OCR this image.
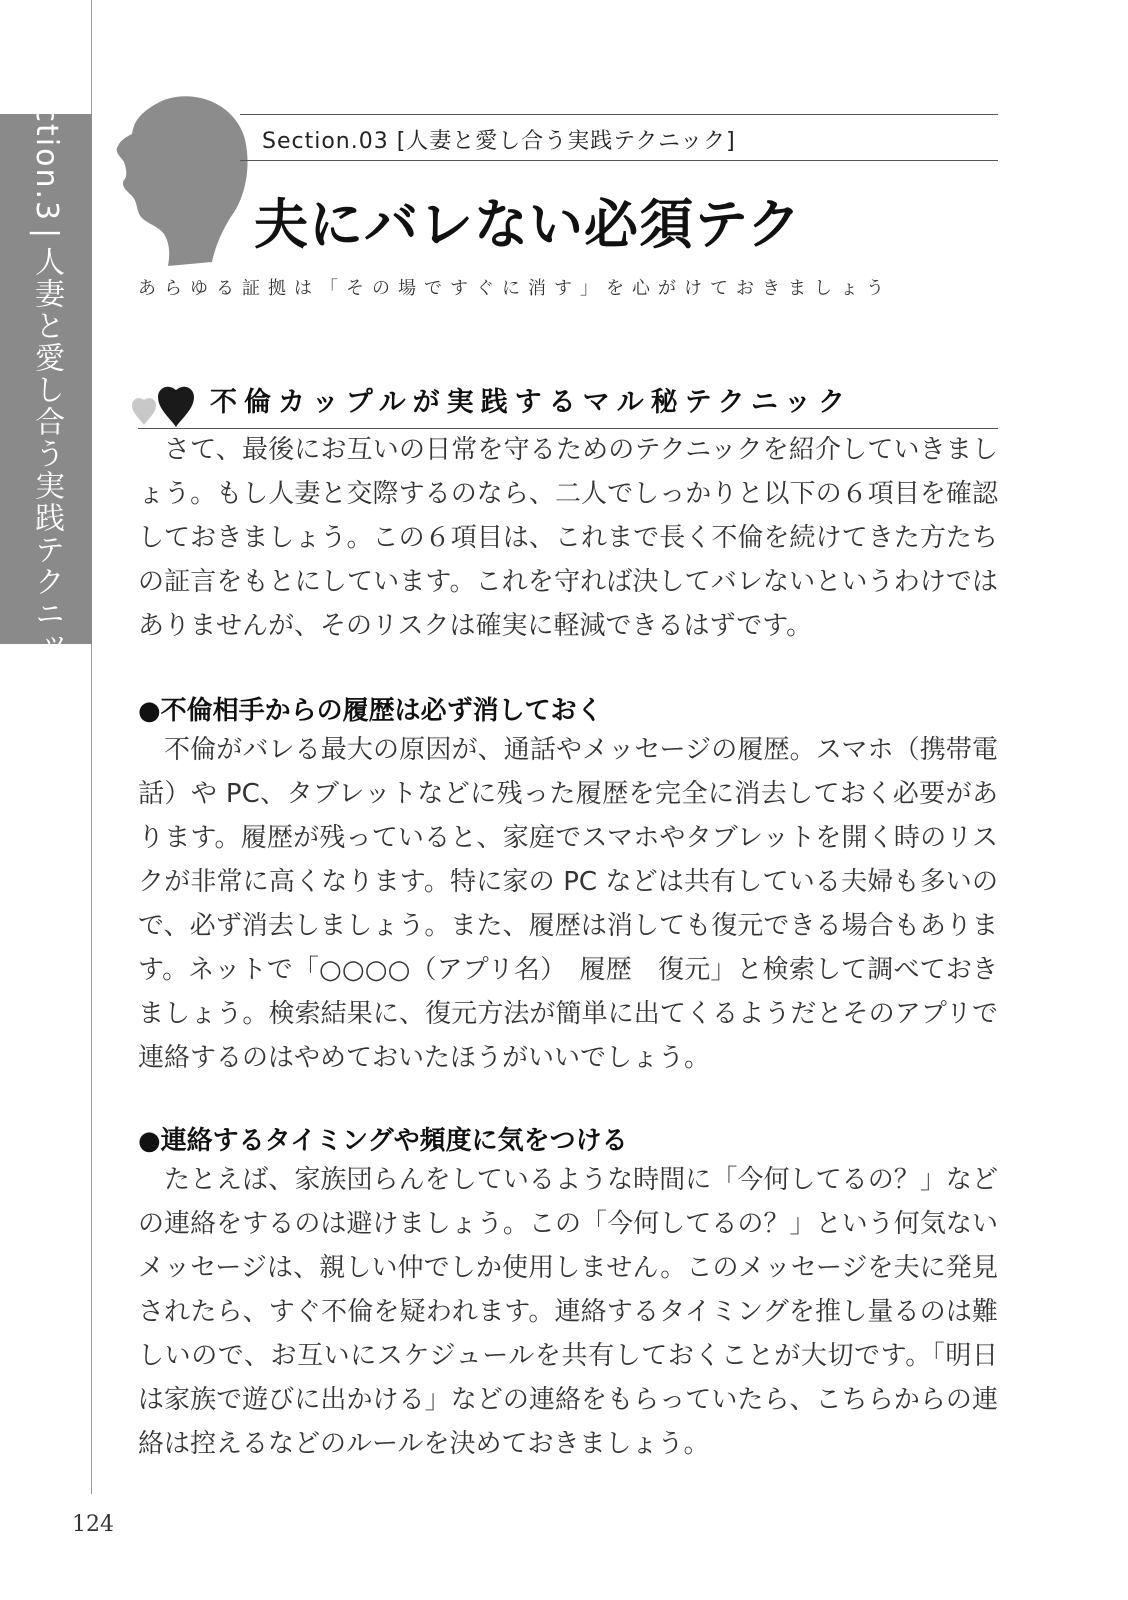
Section.3|人妻と愛し合う実践テクニック
Section.03 [人妻と愛し合う実践テクニック]
夫にバレない必須テク
あらゆる証拠は「その場ですぐに消す」を心がけておきましょう
不倫カップルが実践するマル秘テクニック

さて、最後にお互いの日常を守るためのテクニックを紹介していきましょう。もし人妻と交際するのなら、二人でしっかりと以下の６項目を確認しておきましょう。この６項目は、これまで長く不倫を続けてきた方たちの証言をもとにしています。これを守れば決してバレないというわけではありませんが、そのリスクは確実に軽減できるはずです。

●不倫相手からの履歴は必ず消しておく

不倫がバレる最大の原因が、通話やメッセージの履歴。スマホ（携帯電話）や PC、タブレットなどに残った履歴を完全に消去しておく必要があります。履歴が残っていると、家庭でスマホやタブレットを開く時のリスクが非常に高くなります。特に家の PC などは共有している夫婦も多いので、必ず消去しましょう。また、履歴は消しても復元できる場合もあります。ネットで「○○○○（アプリ名）　履歴　復元」と検索して調べておきましょう。検索結果に、復元方法が簡単に出てくるようだとそのアプリで連絡するのはやめておいたほうがいいでしょう。

●連絡するタイミングや頻度に気をつける

たとえば、家族団らんをしているような時間に「今何してるの？」などの連絡をするのは避けましょう。この「今何してるの？」という何気ないメッセージは、親しい仲でしか使用しません。このメッセージを夫に発見されたら、すぐ不倫を疑われます。連絡するタイミングを推し量るのは難しいので、お互いにスケジュールを共有しておくことが大切です。「明日は家族で遊びに出かける」などの連絡をもらっていたら、こちらからの連絡は控えるなどのルールを決めておきましょう。

124
